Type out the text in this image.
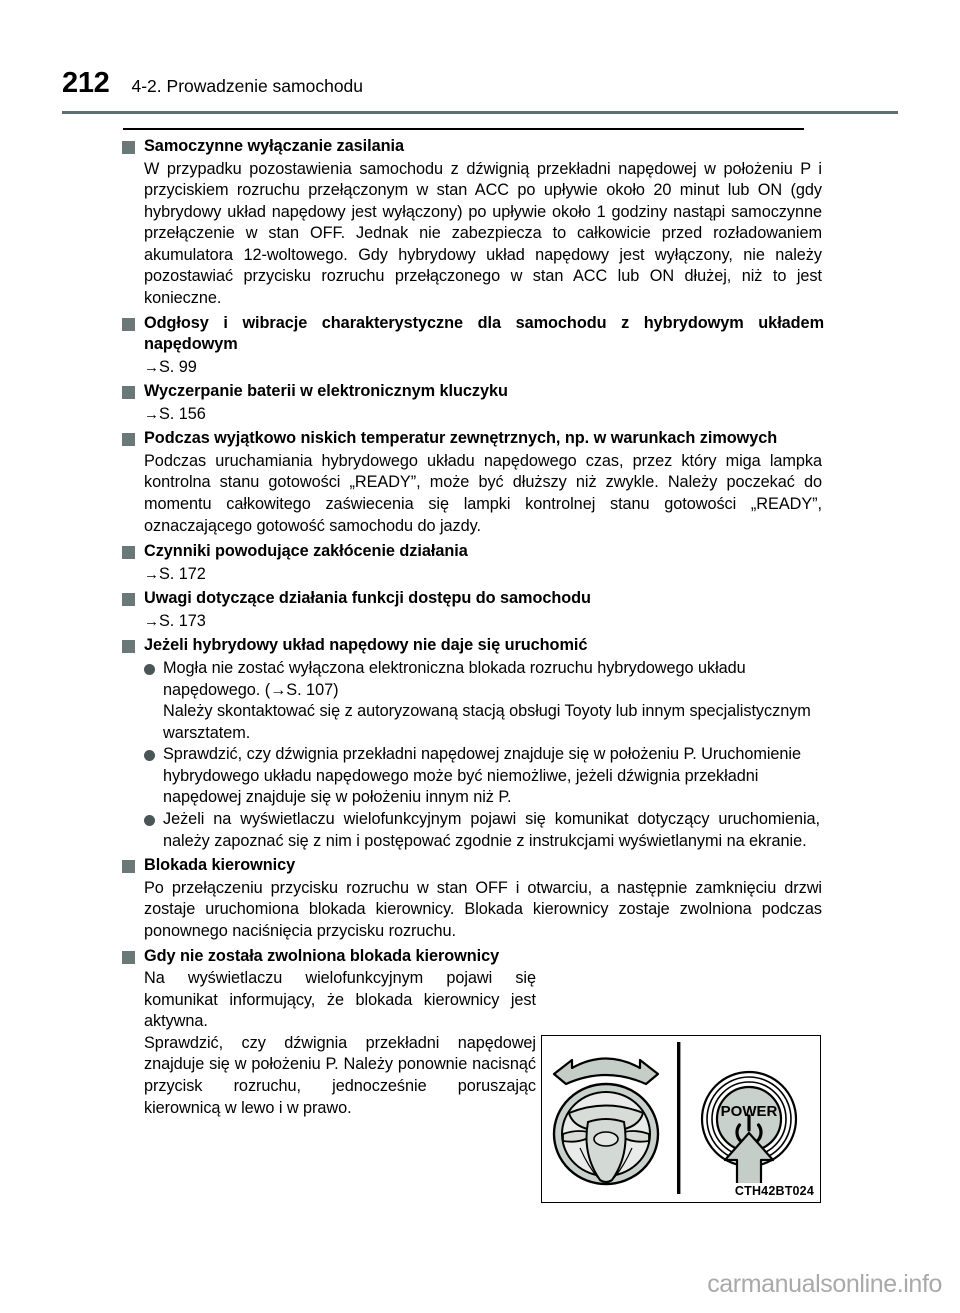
212 4-2. Prowadzenie samochodu
Samoczynne wyłączanie zasilania
W przypadku pozostawienia samochodu z dźwignią przekładni napędowej w położeniu P i przyciskiem rozruchu przełączonym w stan ACC po upływie około 20 minut lub ON (gdy hybrydowy układ napędowy jest wyłączony) po upływie około 1 godziny nastąpi samoczynne przełączenie w stan OFF. Jednak nie zabezpiecza to całkowicie przed rozładowaniem akumulatora 12-woltowego. Gdy hybrydowy układ napędowy jest wyłączony, nie należy pozostawiać przycisku rozruchu przełączonego w stan ACC lub ON dłużej, niż to jest konieczne.
Odgłosy i wibracje charakterystyczne dla samochodu z hybrydowym układem napędowym
→S. 99
Wyczerpanie baterii w elektronicznym kluczyku
→S. 156
Podczas wyjątkowo niskich temperatur zewnętrznych, np. w warunkach zimowych
Podczas uruchamiania hybrydowego układu napędowego czas, przez który miga lampka kontrolna stanu gotowości „READY”, może być dłuższy niż zwykle. Należy poczekać do momentu całkowitego zaświecenia się lampki kontrolnej stanu gotowości „READY”, oznaczającego gotowość samochodu do jazdy.
Czynniki powodujące zakłócenie działania
→S. 172
Uwagi dotyczące działania funkcji dostępu do samochodu
→S. 173
Jeżeli hybrydowy układ napędowy nie daje się uruchomić
Mogła nie zostać wyłączona elektroniczna blokada rozruchu hybrydowego układu napędowego. (→S. 107)
Należy skontaktować się z autoryzowaną stacją obsługi Toyoty lub innym specjalistycznym warsztatem.
Sprawdzić, czy dźwignia przekładni napędowej znajduje się w położeniu P. Uruchomienie hybrydowego układu napędowego może być niemożliwe, jeżeli dźwignia przekładni napędowej znajduje się w położeniu innym niż P.
Jeżeli na wyświetlaczu wielofunkcyjnym pojawi się komunikat dotyczący uruchomienia, należy zapoznać się z nim i postępować zgodnie z instrukcjami wyświetlanymi na ekranie.
Blokada kierownicy
Po przełączeniu przycisku rozruchu w stan OFF i otwarciu, a następnie zamknięciu drzwi zostaje uruchomiona blokada kierownicy. Blokada kierownicy zostaje zwolniona podczas ponownego naciśnięcia przycisku rozruchu.
Gdy nie została zwolniona blokada kierownicy

Na wyświetlaczu wielofunkcyjnym pojawi się komunikat informujący, że blokada kierownicy jest aktywna.

Sprawdzić, czy dźwignia przekładni napędowej znajduje się w położeniu P. Należy ponownie nacisnąć przycisk rozruchu, jednocześnie poruszając kierownicą w lewo i w prawo.	POWER
CTH42BT024
carmanualsonline.info
